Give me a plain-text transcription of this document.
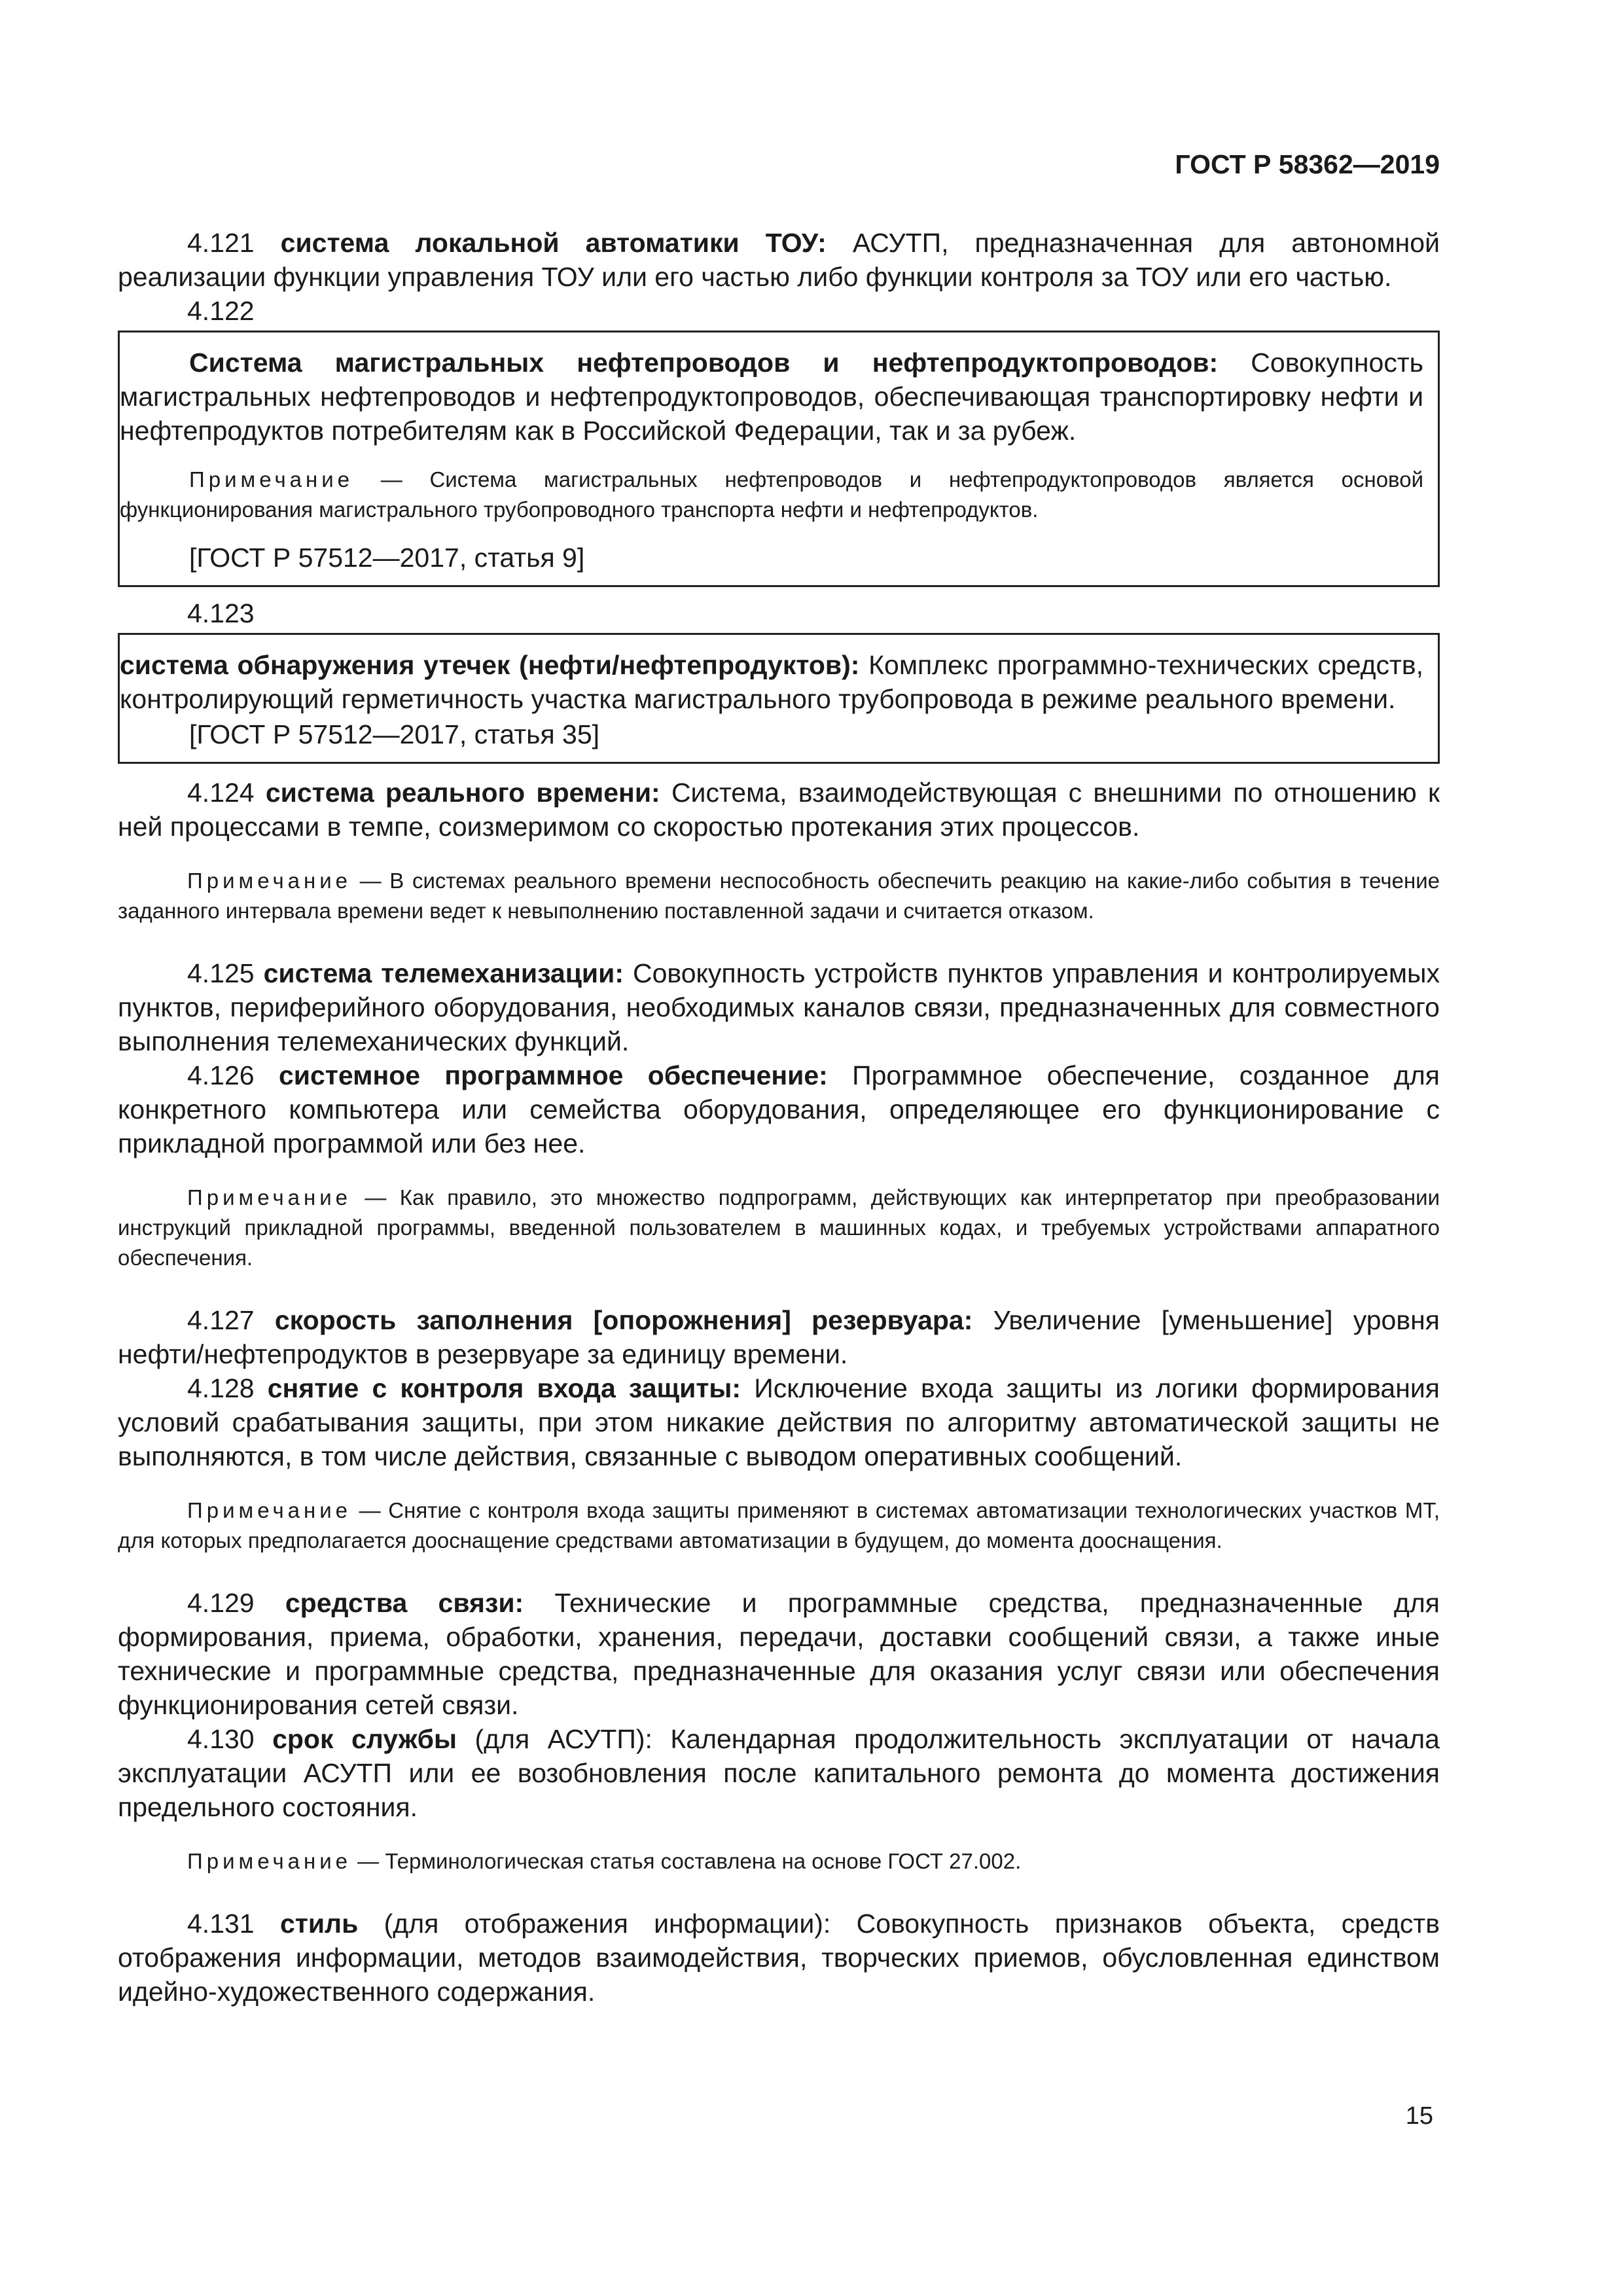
ГОСТ Р 58362—2019

4.121 система локальной автоматики ТОУ: АСУТП, предназначенная для автономной реализации функции управления ТОУ или его частью либо функции контроля за ТОУ или его частью.

4.122

Система магистральных нефтепроводов и нефтепродуктопроводов: Совокупность магистральных нефтепроводов и нефтепродуктопроводов, обеспечивающая транспортировку нефти и нефтепродуктов потребителям как в Российской Федерации, так и за рубеж.

Примечание — Система магистральных нефтепроводов и нефтепродуктопроводов является основой функционирования магистрального трубопроводного транспорта нефти и нефтепродуктов.

[ГОСТ Р 57512—2017, статья 9]

4.123

система обнаружения утечек (нефти/нефтепродуктов): Комплекс программно-технических средств, контролирующий герметичность участка магистрального трубопровода в режиме реального времени.

[ГОСТ Р 57512—2017, статья 35]

4.124 система реального времени: Система, взаимодействующая с внешними по отношению к ней процессами в темпе, соизмеримом со скоростью протекания этих процессов.

Примечание — В системах реального времени неспособность обеспечить реакцию на какие-либо события в течение заданного интервала времени ведет к невыполнению поставленной задачи и считается отказом.

4.125 система телемеханизации: Совокупность устройств пунктов управления и контролируемых пунктов, периферийного оборудования, необходимых каналов связи, предназначенных для совместного выполнения телемеханических функций.

4.126 системное программное обеспечение: Программное обеспечение, созданное для конкретного компьютера или семейства оборудования, определяющее его функционирование с прикладной программой или без нее.

Примечание — Как правило, это множество подпрограмм, действующих как интерпретатор при преобразовании инструкций прикладной программы, введенной пользователем в машинных кодах, и требуемых устройствами аппаратного обеспечения.

4.127 скорость заполнения [опорожнения] резервуара: Увеличение [уменьшение] уровня нефти/нефтепродуктов в резервуаре за единицу времени.

4.128 снятие с контроля входа защиты: Исключение входа защиты из логики формирования условий срабатывания защиты, при этом никакие действия по алгоритму автоматической защиты не выполняются, в том числе действия, связанные с выводом оперативных сообщений.

Примечание — Снятие с контроля входа защиты применяют в системах автоматизации технологических участков МТ, для которых предполагается дооснащение средствами автоматизации в будущем, до момента дооснащения.

4.129 средства связи: Технические и программные средства, предназначенные для формирования, приема, обработки, хранения, передачи, доставки сообщений связи, а также иные технические и программные средства, предназначенные для оказания услуг связи или обеспечения функционирования сетей связи.

4.130 срок службы (для АСУТП): Календарная продолжительность эксплуатации от начала эксплуатации АСУТП или ее возобновления после капитального ремонта до момента достижения предельного состояния.

Примечание — Терминологическая статья составлена на основе ГОСТ 27.002.

4.131 стиль (для отображения информации): Совокупность признаков объекта, средств отображения информации, методов взаимодействия, творческих приемов, обусловленная единством идейно-художественного содержания.

15
